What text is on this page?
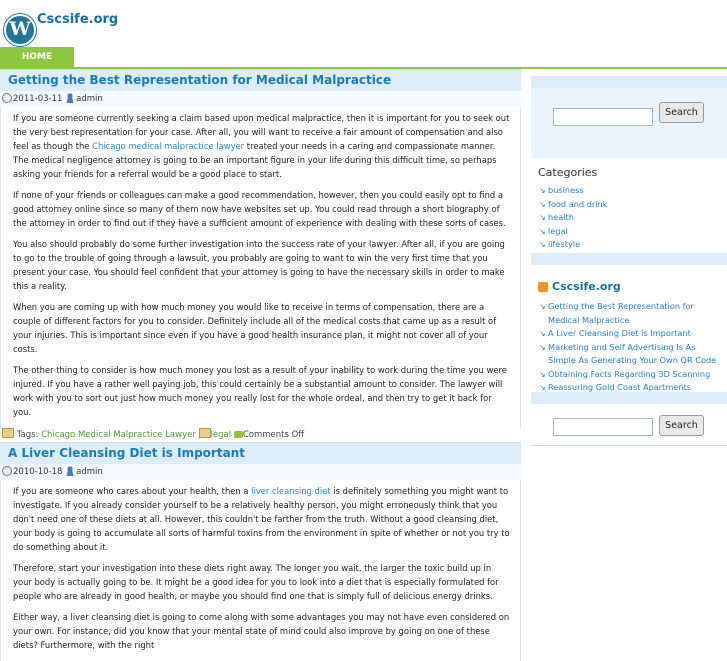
W Cscsife.org
HOME
Getting the Best Representation for Medical Malpractice
2011-03-11 admin

If you are someone currently seeking a claim based upon medical malpractice, then it is important for you to seek out the very best representation for your case. After all, you will want to receive a fair amount of compensation and also feel as though the Chicago medical malpractice lawyer treated your needs in a caring and compassionate manner. The medical negligence attorney is going to be an important figure in your life during this difficult time, so perhaps asking your friends for a referral would be a good place to start.

If none of your friends or colleagues can make a good recommendation, however, then you could easily opt to find a good attorney online since so many of them now have websites set up. You could read through a short biography of the attorney in order to find out if they have a sufficient amount of experience with dealing with these sorts of cases.

You also should probably do some further investigation into the success rate of your lawyer. After all, if you are going to go to the trouble of going through a lawsuit, you probably are going to want to win the very first time that you present your case. You should feel confident that your attorney is going to have the necessary skills in order to make this a reality.

When you are coming up with how much money you would like to receive in terms of compensation, there are a couple of different factors for you to consider. Definitely include all of the medical costs that came up as a result of your injuries. This is important since even if you have a good health insurance plan, it might not cover all of your costs.

The other thing to consider is how much money you lost as a result of your inability to work during the time you were injured. If you have a rather well paying job, this could certainly be a substantial amount to consider. The lawyer will work with you to sort out just how much money you really lost for the whole ordeal, and then try to get it back for you.

Tags: Chicago Medical Malpractice Lawyer legal Comments Off
A Liver Cleansing Diet is Important
2010-10-18 admin

If you are someone who cares about your health, then a liver cleansing diet is definitely something you might want to investigate. If you already consider yourself to be a relatively healthy person, you might erroneously think that you don't need one of these diets at all. However, this couldn't be farther from the truth. Without a good cleansing diet, your body is going to accumulate all sorts of harmful toxins from the environment in spite of whether or not you try to do something about it.

Therefore, start your investigation into these diets right away. The longer you wait, the larger the toxic build up in your body is actually going to be. It might be a good idea for you to look into a diet that is especially formulated for people who are already in good health, or maybe you should find one that is simply full of delicious energy drinks.

Either way, a liver cleansing diet is going to come along with some advantages you may not have even considered on your own. For instance, did you know that your mental state of mind could also improve by going on one of these diets? Furthermore, with the right

Search
Categories
↘ business
↘ food and drink
↘ health
↘ legal
↘ lifestyle
Cscsife.org
↘ Getting the Best Representation for Medical Malpractice
↘ A Liver Cleansing Diet is Important
↘ Marketing and Self Advertising Is As Simple As Generating Your Own QR Code
↘ Obtaining Facts Regarding 3D Scanning
↘ Reassuring Gold Coast Apartments
Search
